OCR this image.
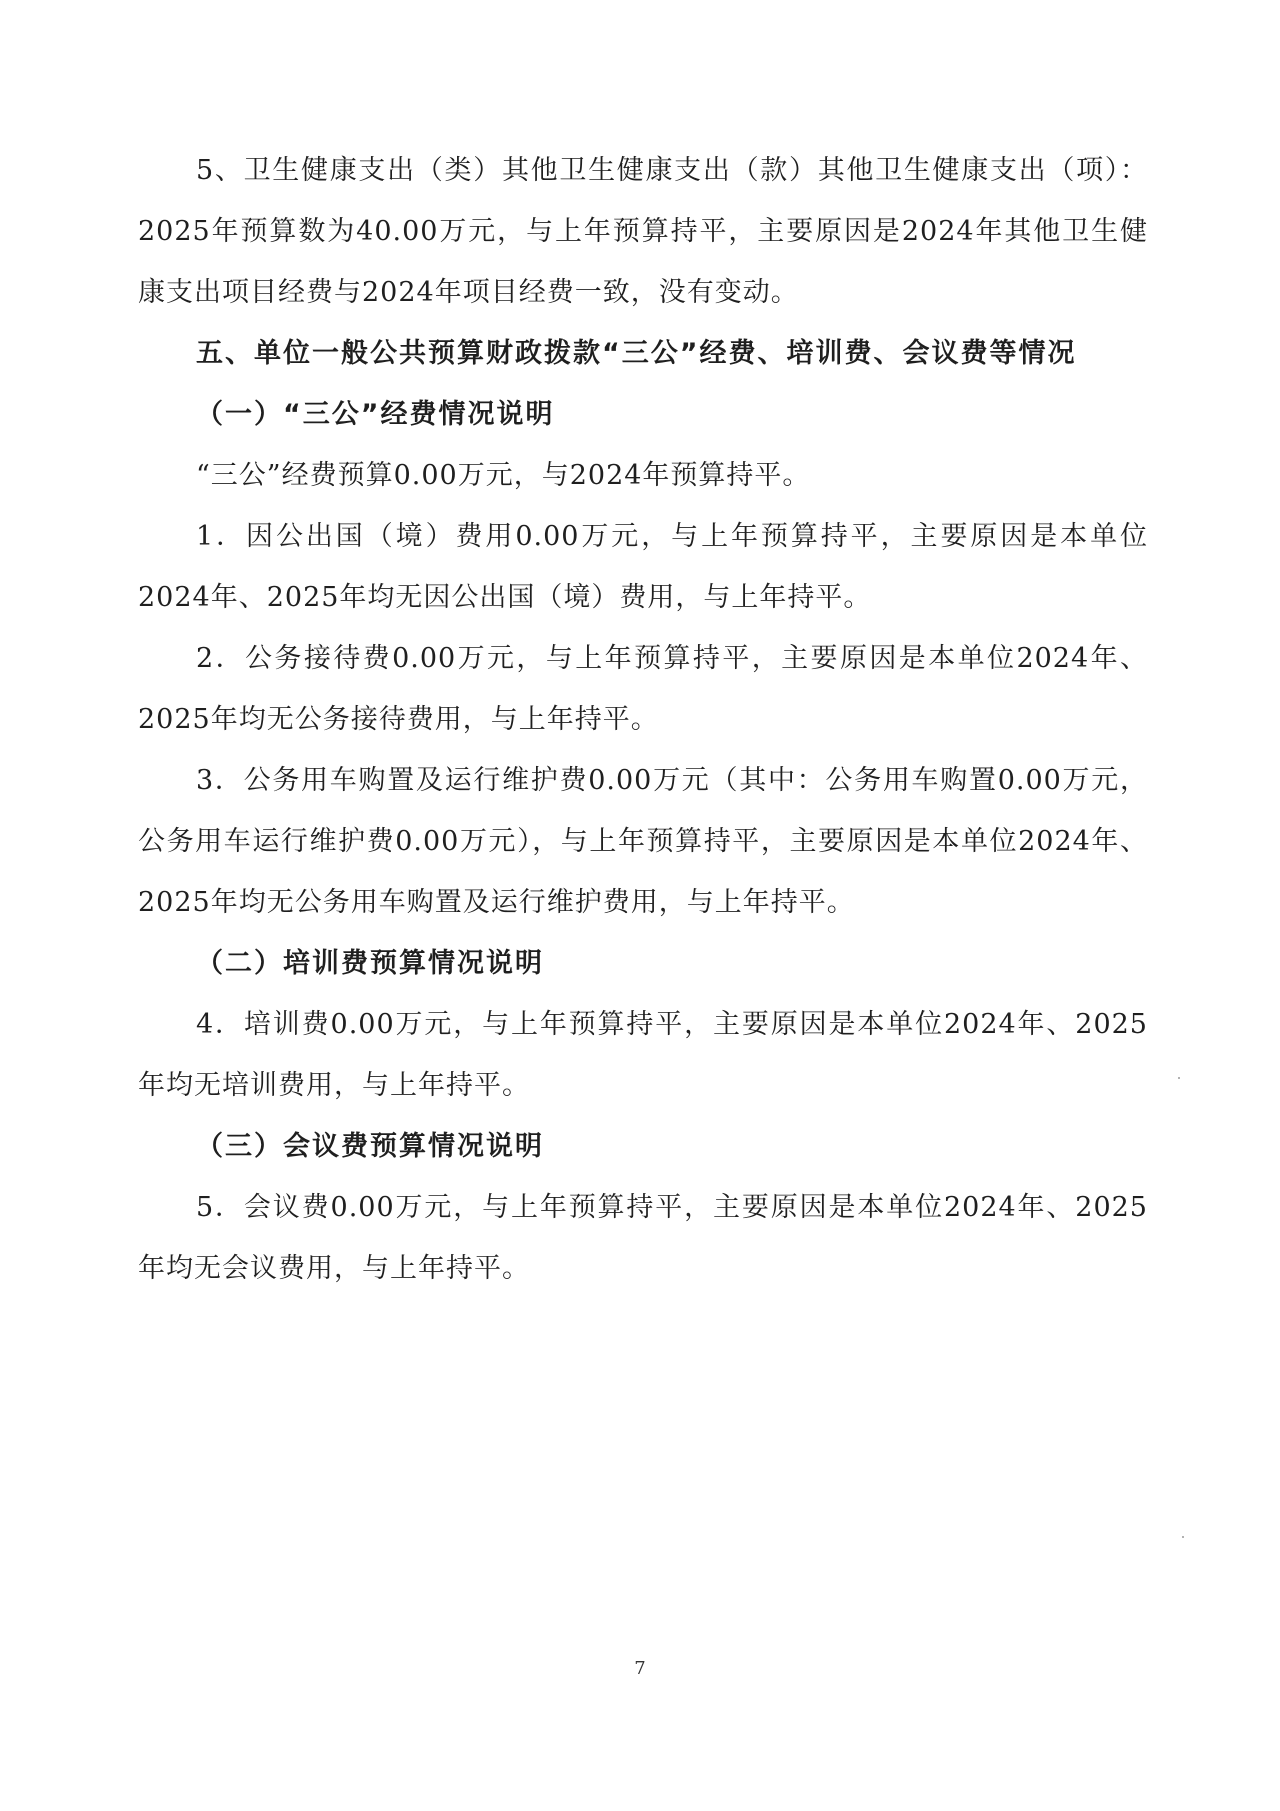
5、卫生健康支出（类）其他卫生健康支出（款）其他卫生健康支出（项）：2025年预算数为40.00万元，与上年预算持平，主要原因是2024年其他卫生健康支出项目经费与2024年项目经费一致，没有变动。

五、单位一般公共预算财政拨款“三公”经费、培训费、会议费等情况

（一）“三公”经费情况说明

“三公”经费预算0.00万元，与2024年预算持平。

1．因公出国（境）费用0.00万元，与上年预算持平，主要原因是本单位2024年、2025年均无因公出国（境）费用，与上年持平。

2．公务接待费0.00万元，与上年预算持平，主要原因是本单位2024年、2025年均无公务接待费用，与上年持平。

3．公务用车购置及运行维护费0.00万元（其中：公务用车购置0.00万元，公务用车运行维护费0.00万元），与上年预算持平，主要原因是本单位2024年、2025年均无公务用车购置及运行维护费用，与上年持平。

（二）培训费预算情况说明

4．培训费0.00万元，与上年预算持平，主要原因是本单位2024年、2025年均无培训费用，与上年持平。

（三）会议费预算情况说明

5．会议费0.00万元，与上年预算持平，主要原因是本单位2024年、2025年均无会议费用，与上年持平。

7
